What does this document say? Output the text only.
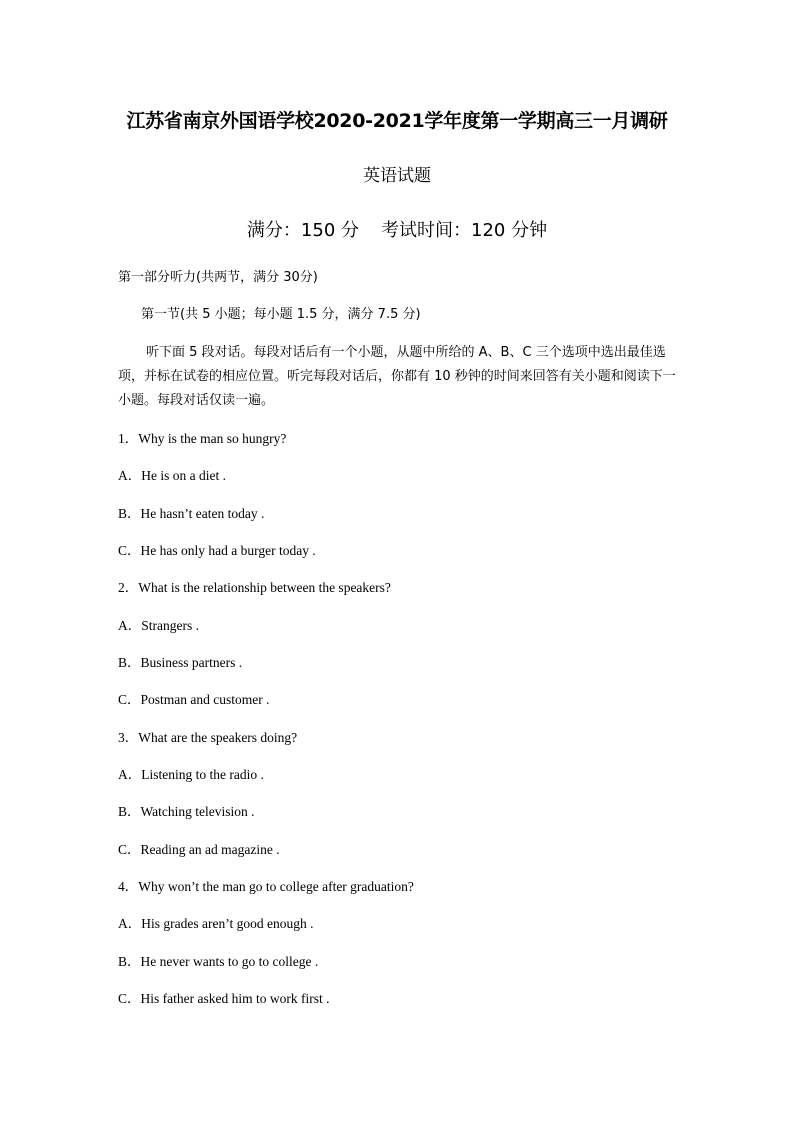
江苏省南京外国语学校2020-2021学年度第一学期高三一月调研
英语试题
满分：150 分 考试时间：120 分钟
第一部分听力(共两节，满分 30分)
第一节(共 5 小题；每小题 1.5 分，满分 7.5 分)
听下面 5 段对话。每段对话后有一个小题，从题中所给的 A、B、C 三个选项中选出最佳选项，并标在试卷的相应位置。听完每段对话后，你都有 10 秒钟的时间来回答有关小题和阅读下一小题。每段对话仅读一遍。
1．Why is the man so hungry?
A．He is on a diet .
B．He hasn’t eaten today .
C．He has only had a burger today .
2．What is the relationship between the speakers?
A．Strangers .
B．Business partners .
C．Postman and customer .
3．What are the speakers doing?
A．Listening to the radio .
B．Watching television .
C．Reading an ad magazine .
4．Why won’t the man go to college after graduation?
A．His grades aren’t good enough .
B．He never wants to go to college .
C．His father asked him to work first .
